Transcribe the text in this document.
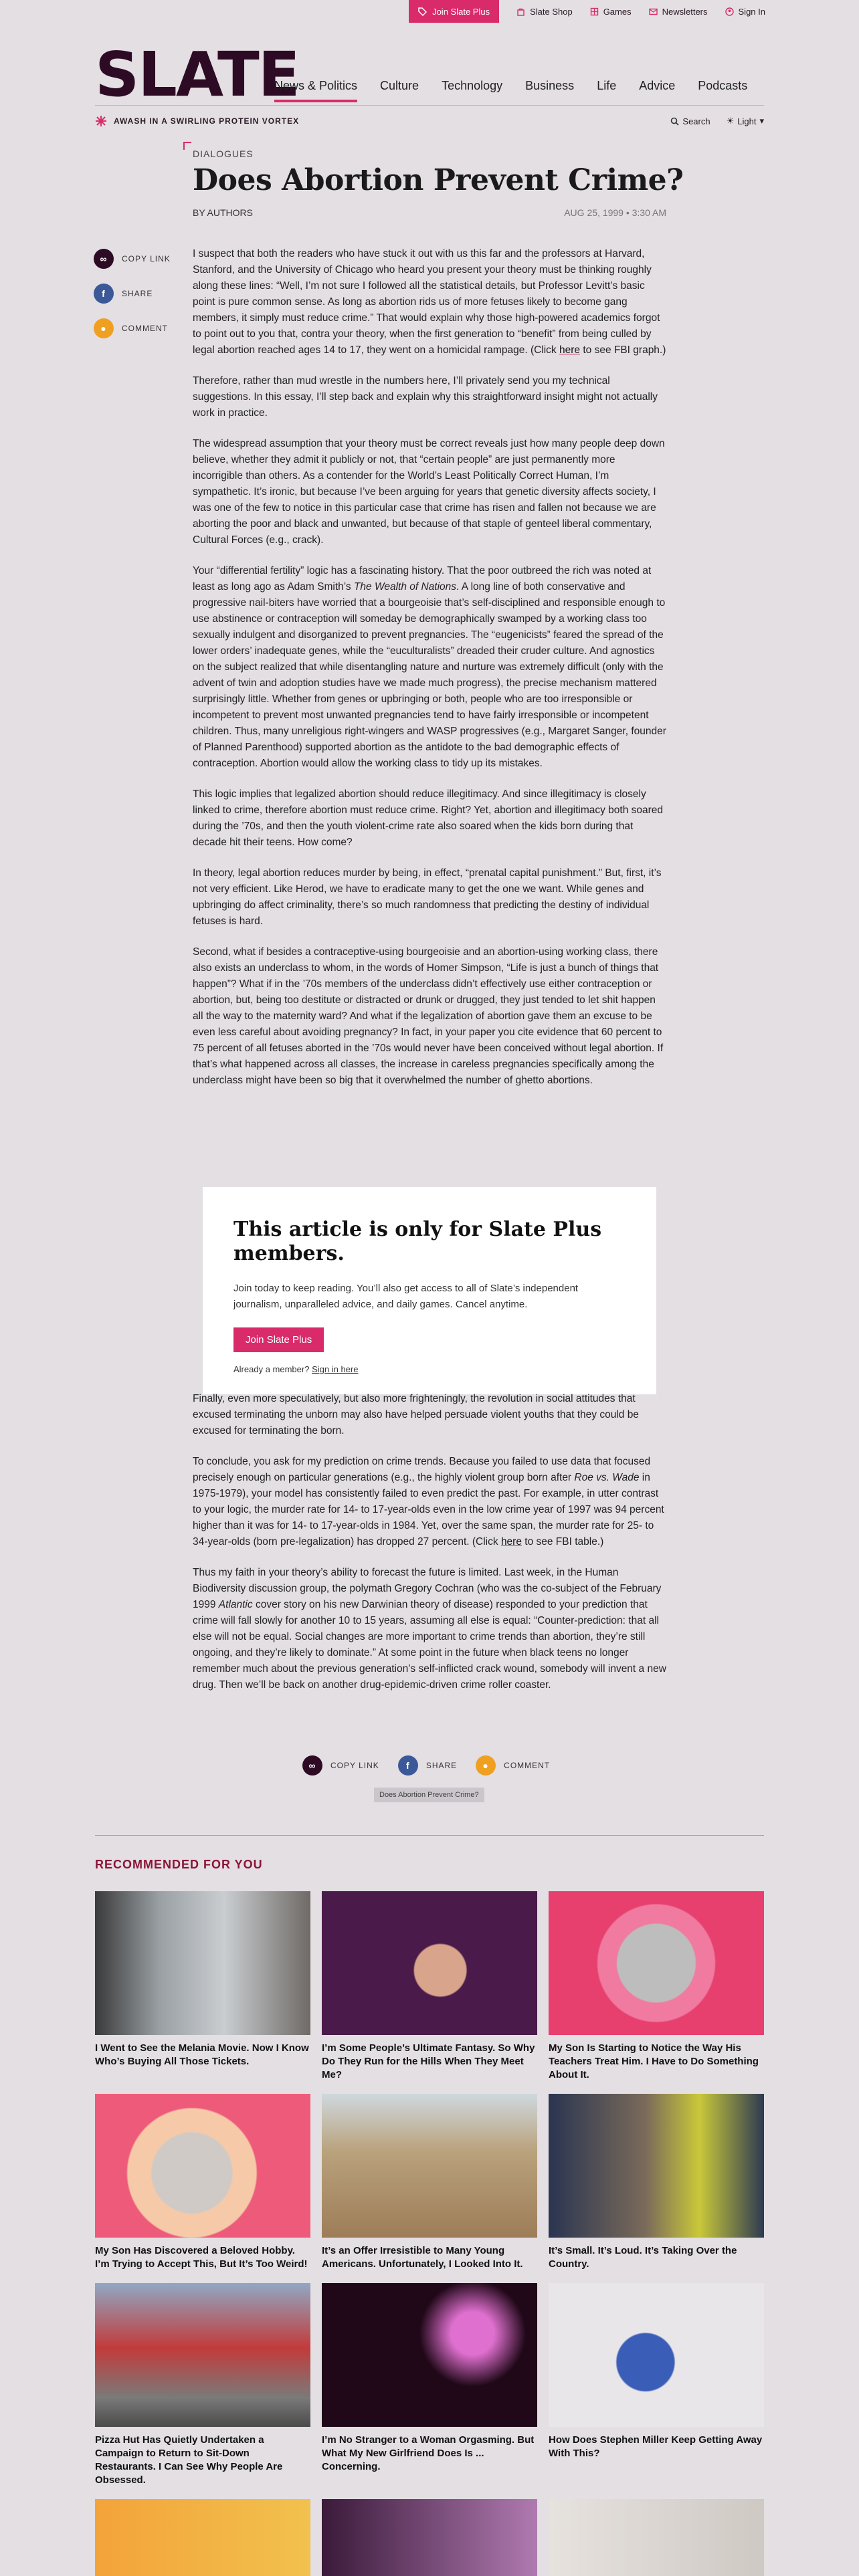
Join Slate Plus	Slate Shop	Games	Newsletters	Sign In
SLATE
News & Politics Culture Technology Business Life Advice Podcasts
AWASH IN A SWIRLING PROTEIN VORTEX	Search ☀ Light ▾
DIALOGUES
Does Abortion Prevent Crime?
BY AUTHORS	AUG 25, 1999 • 3:30 AM
∞	COPY LINK
f	SHARE
●	COMMENT

I suspect that both the readers who have stuck it out with us this far and the professors at Harvard, Stanford, and the University of Chicago who heard you present your theory must be thinking roughly along these lines: “Well, I’m not sure I followed all the statistical details, but Professor Levitt’s basic point is pure common sense. As long as abortion rids us of more fetuses likely to become gang members, it simply must reduce crime.” That would explain why those high-powered academics forgot to point out to you that, contra your theory, when the first generation to “benefit” from being culled by legal abortion reached ages 14 to 17, they went on a homicidal rampage. (Click here to see FBI graph.)

Therefore, rather than mud wrestle in the numbers here, I’ll privately send you my technical suggestions. In this essay, I’ll step back and explain why this straightforward insight might not actually work in practice.

The widespread assumption that your theory must be correct reveals just how many people deep down believe, whether they admit it publicly or not, that “certain people” are just permanently more incorrigible than others. As a contender for the World’s Least Politically Correct Human, I’m sympathetic. It’s ironic, but because I’ve been arguing for years that genetic diversity affects society, I was one of the few to notice in this particular case that crime has risen and fallen not because we are aborting the poor and black and unwanted, but because of that staple of genteel liberal commentary, Cultural Forces (e.g., crack).

Your “differential fertility” logic has a fascinating history. That the poor outbreed the rich was noted at least as long ago as Adam Smith’s The Wealth of Nations. A long line of both conservative and progressive nail-biters have worried that a bourgeoisie that’s self-disciplined and responsible enough to use abstinence or contraception will someday be demographically swamped by a working class too sexually indulgent and disorganized to prevent pregnancies. The “eugenicists” feared the spread of the lower orders’ inadequate genes, while the “euculturalists” dreaded their cruder culture. And agnostics on the subject realized that while disentangling nature and nurture was extremely difficult (only with the advent of twin and adoption studies have we made much progress), the precise mechanism mattered surprisingly little. Whether from genes or upbringing or both, people who are too irresponsible or incompetent to prevent most unwanted pregnancies tend to have fairly irresponsible or incompetent children. Thus, many unreligious right-wingers and WASP progressives (e.g., Margaret Sanger, founder of Planned Parenthood) supported abortion as the antidote to the bad demographic effects of contraception. Abortion would allow the working class to tidy up its mistakes.

This logic implies that legalized abortion should reduce illegitimacy. And since illegitimacy is closely linked to crime, therefore abortion must reduce crime. Right? Yet, abortion and illegitimacy both soared during the ’70s, and then the youth violent-crime rate also soared when the kids born during that decade hit their teens. How come?

In theory, legal abortion reduces murder by being, in effect, “prenatal capital punishment.” But, first, it’s not very efficient. Like Herod, we have to eradicate many to get the one we want. While genes and upbringing do affect criminality, there’s so much randomness that predicting the destiny of individual fetuses is hard.

Second, what if besides a contraceptive-using bourgeoisie and an abortion-using working class, there also exists an underclass to whom, in the words of Homer Simpson, “Life is just a bunch of things that happen”? What if in the ’70s members of the underclass didn’t effectively use either contraception or abortion, but, being too destitute or distracted or drunk or drugged, they just tended to let shit happen all the way to the maternity ward? And what if the legalization of abortion gave them an excuse to be even less careful about avoiding pregnancy? In fact, in your paper you cite evidence that 60 percent to 75 percent of all fetuses aborted in the ’70s would never have been conceived without legal abortion. If that’s what happened across all classes, the increase in careless pregnancies specifically among the underclass might have been so big that it overwhelmed the number of ghetto abortions.

This article is only for Slate Plus members.

Join today to keep reading. You’ll also get access to all of Slate’s independent journalism, unparalleled advice, and daily games. Cancel anytime.

Join Slate Plus

Already a member? Sign in here

Finally, even more speculatively, but also more frighteningly, the revolution in social attitudes that excused terminating the unborn may also have helped persuade violent youths that they could be excused for terminating the born.

To conclude, you ask for my prediction on crime trends. Because you failed to use data that focused precisely enough on particular generations (e.g., the highly violent group born after Roe vs. Wade in 1975-1979), your model has consistently failed to even predict the past. For example, in utter contrast to your logic, the murder rate for 14- to 17-year-olds even in the low crime year of 1997 was 94 percent higher than it was for 14- to 17-year-olds in 1984. Yet, over the same span, the murder rate for 25- to 34-year-olds (born pre-legalization) has dropped 27 percent. (Click here to see FBI table.)

Thus my faith in your theory’s ability to forecast the future is limited. Last week, in the Human Biodiversity discussion group, the polymath Gregory Cochran (who was the co-subject of the February 1999 Atlantic cover story on his new Darwinian theory of disease) responded to your prediction that crime will fall slowly for another 10 to 15 years, assuming all else is equal: “Counter-prediction: that all else will not be equal. Social changes are more important to crime trends than abortion, they’re still ongoing, and they’re likely to dominate.” At some point in the future when black teens no longer remember much about the previous generation’s self-inflicted crack wound, somebody will invent a new drug. Then we’ll be back on another drug-epidemic-driven crime roller coaster.

∞	COPY LINK	f	SHARE	●	COMMENT
Does Abortion Prevent Crime?
RECOMMENDED FOR YOU
I Went to See the Melania Movie. Now I Know Who’s Buying All Those Tickets.
I’m Some People’s Ultimate Fantasy. So Why Do They Run for the Hills When They Meet Me?
My Son Is Starting to Notice the Way His Teachers Treat Him. I Have to Do Something About It.
My Son Has Discovered a Beloved Hobby. I’m Trying to Accept This, But It’s Too Weird!
It’s an Offer Irresistible to Many Young Americans. Unfortunately, I Looked Into It.
It’s Small. It’s Loud. It’s Taking Over the Country.
Pizza Hut Has Quietly Undertaken a Campaign to Return to Sit-Down Restaurants. I Can See Why People Are Obsessed.
I’m No Stranger to a Woman Orgasming. But What My New Girlfriend Does Is ... Concerning.
How Does Stephen Miller Keep Getting Away With This?
